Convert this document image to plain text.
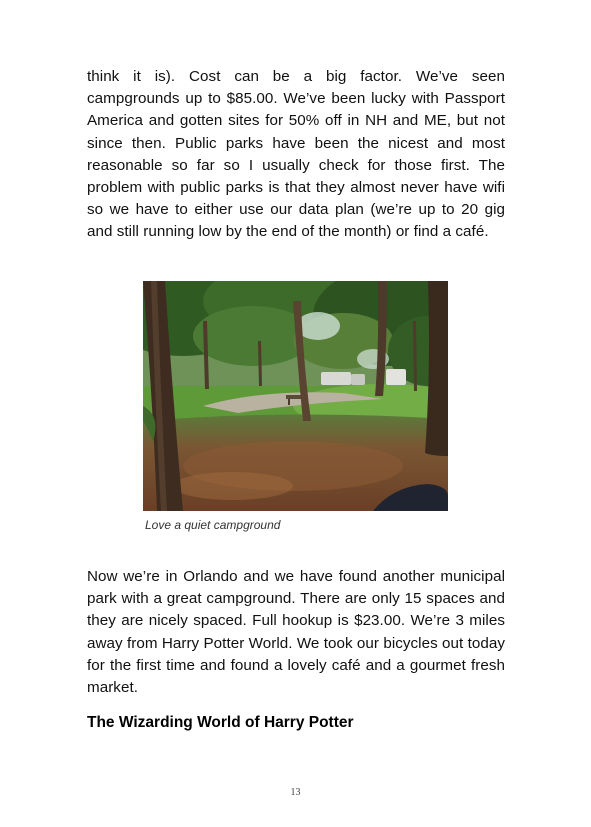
think it is). Cost can be a big factor. We’ve seen campgrounds up to $85.00. We’ve been lucky with Passport America and gotten sites for 50% off in NH and ME, but not since then. Public parks have been the nicest and most reasonable so far so I usually check for those first. The problem with public parks is that they almost never have wifi so we have to either use our data plan (we’re up to 20 gig and still running low by the end of the month) or find a café.

Love a quiet campground

Now we’re in Orlando and we have found another municipal park with a great campground. There are only 15 spaces and they are nicely spaced. Full hookup is $23.00. We’re 3 miles away from Harry Potter World. We took our bicycles out today for the first time and found a lovely café and a gourmet fresh market.

The Wizarding World of Harry Potter
13
